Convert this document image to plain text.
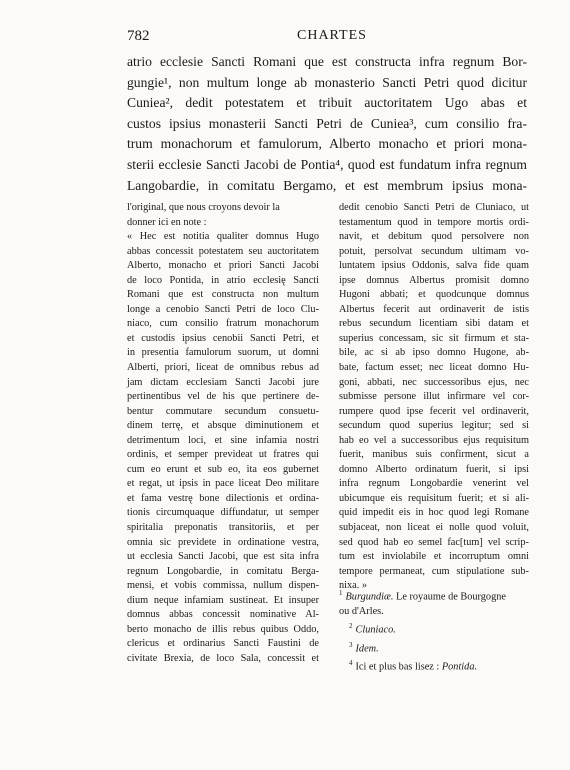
782	CHARTES
atrio ecclesie Sancti Romani que est constructa infra regnum Bor-
gungie¹, non multum longe ab monasterio Sancti Petri quod dicitur
Cuniea², dedit potestatem et tribuit auctoritatem Ugo abas et
custos ipsius monasterii Sancti Petri de Cuniea³, cum consilio fra-
trum monachorum et famulorum, Alberto monacho et priori mona-
sterii ecclesie Sancti Jacobi de Pontia⁴, quod est fundatum infra regnum
Langobardie, in comitatu Bergamo, et est membrum ipsius mona-
l'original, que nous croyons devoir la
donner ici en note :
« Hec est notitia qualiter domnus Hugo
abbas concessit potestatem seu auctoritatem
Alberto, monacho et priori Sancti Jacobi
de loco Pontida, in atrio ecclesię Sancti
Romani que est constructa non multum
longe a cenobio Sancti Petri de loco Clu-
niaco, cum consilio fratrum monachorum
et custodis ipsius cenobii Sancti Petri, et
in presentia famulorum suorum, ut domni
Alberti, priori, liceat de omnibus rebus ad
jam dictam ecclesiam Sancti Jacobi jure
pertinentibus vel de his que pertinere de-
bentur commutare secundum consuetu-
dinem terrę, et absque diminutionem et
detrimentum loci, et sine infamia nostri
ordinis, et semper previdеat ut fratres qui
cum eo erunt et sub eo, ita eos gubernet
et regat, ut ipsis in pace liceat Deo militare
et fama vestrę bone dilectionis et ordina-
tionis circumquaque diffundatur, ut semper
spiritalia preponatis transitoriis, et per
omnia sic previdete in ordinatione vestra,
ut ecclesia Sancti Jacobi, que est sita infra
regnum Longobardie, in comitatu Berga-
mensi, et vobis commissa, nullum dispen-
dium neque infamiam sustineat. Et insuper
domnus abbas concessit nominative Al-
berto monacho de illis rebus quibus Oddo,
clericus et ordinarius Sancti Faustini de
civitate Brexia, de loco Sala, concessit et
dedit cenobio Sancti Petri de Cluniaco, ut
testamentum quod in tempore mortis ordi-
navit, et debitum quod persolvere non
potuit, persolvat secundum ultimam vo-
luntatem ipsius Oddonis, salva fide quam
ipse domnus Albertus promisit domno
Hugoni abbati; et quodcunque domnus
Albertus fecerit aut ordinaverit de istis
rebus secundum licentiam sibi datam et
superius concessam, sic sit firmum et sta-
bile, ac si ab ipso domno Hugone, ab-
bate, factum esset; nec liceat domno Hu-
goni, abbati, nec successoribus ejus, nec
submisse persone illut infirmare vel cor-
rumpere quod ipse fecerit vel ordinaverit,
secundum quod superius legitur; sed si
hab eo vel a successoribus ejus requisitum
fuerit, manibus suis confirment, sicut a
domno Alberto ordinatum fuerit, si ipsi
infra regnum Longobardie venerint vel
ubicumque eis requisitum fuerit; et si ali-
quid impedit eis in hoc quod legi Romane
subjaceat, non liceat ei nolle quod voluit,
sed quod hab eo semel fac[tum] vel scrip-
tum est inviolabile et incorruptum omni
tempore permaneat, cum stipulatione sub-
nixa. »
$^1$ Burgundiæ. Le royaume de Bourgogne
ou d'Arles.
$^2$ Cluniaco.
$^3$ Idem.
$^4$ Ici et plus bas lisez : Pontida.
